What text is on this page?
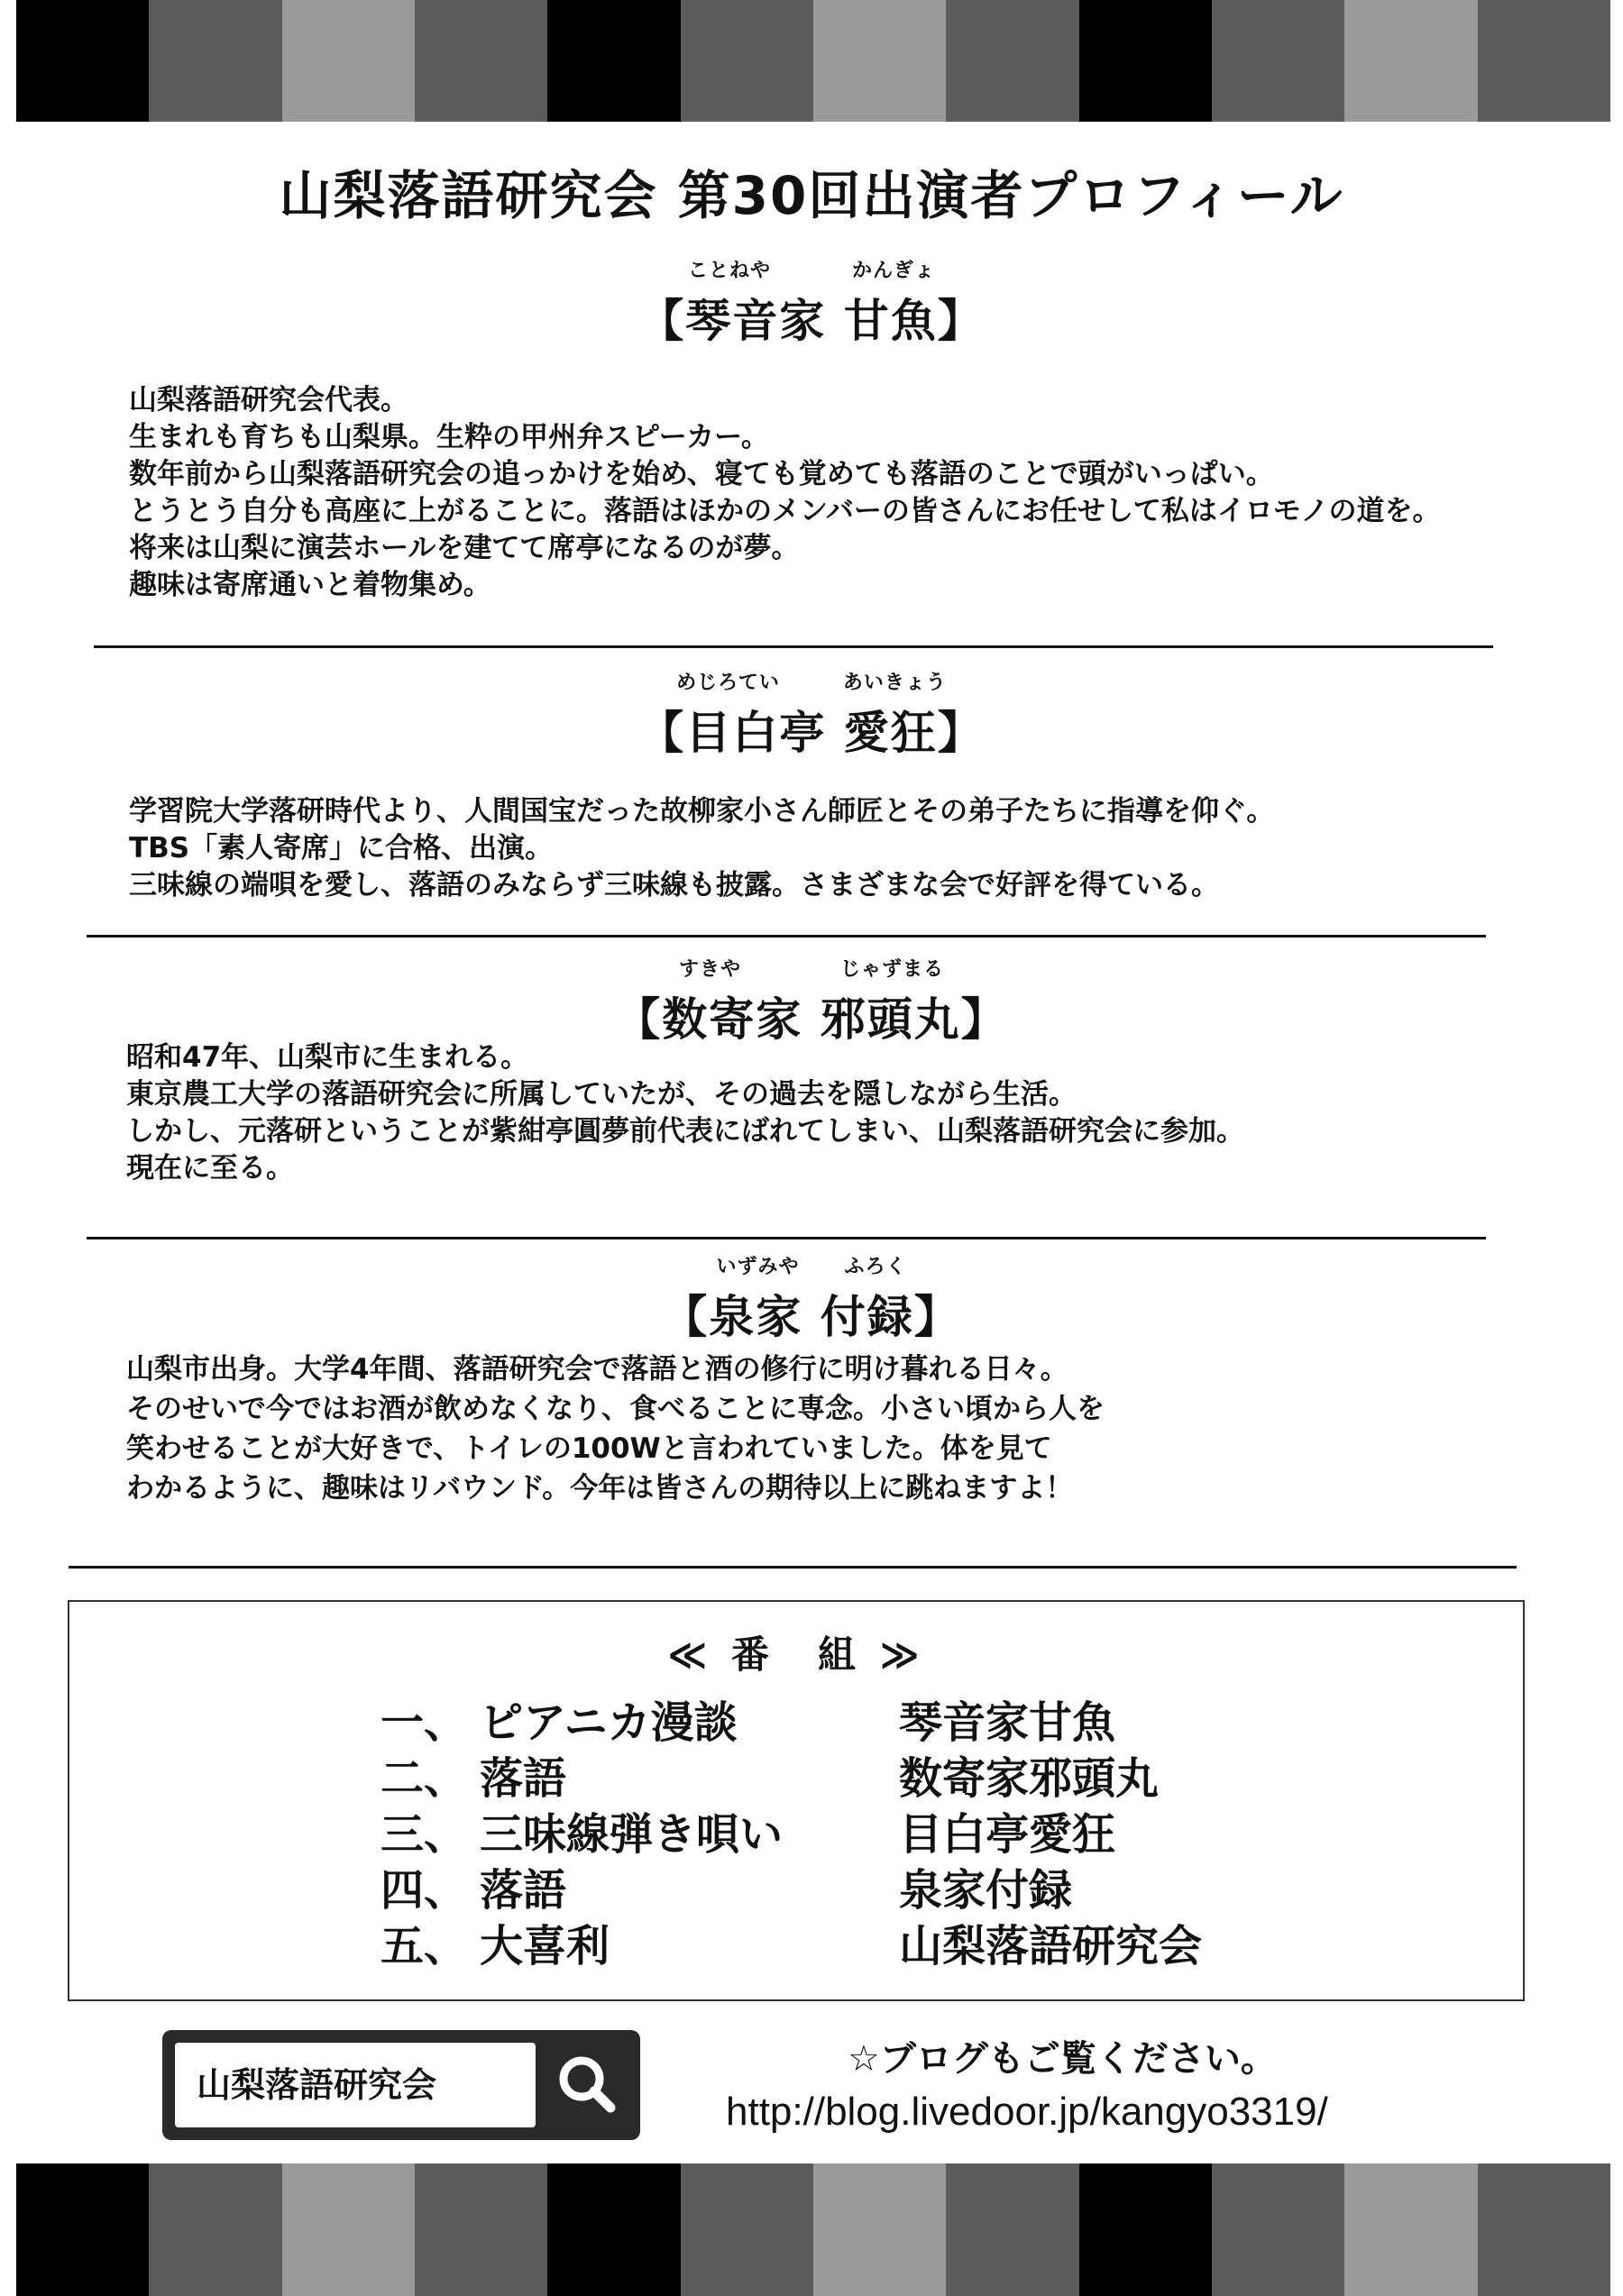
山梨落語研究会 第30回出演者プロフィール
ことねや	かんぎょ
【琴音家 甘魚】
山梨落語研究会代表。
生まれも育ちも山梨県。生粋の甲州弁スピーカー。
数年前から山梨落語研究会の追っかけを始め、寝ても覚めても落語のことで頭がいっぱい。
とうとう自分も高座に上がることに。落語はほかのメンバーの皆さんにお任せして私はイロモノの道を。
将来は山梨に演芸ホールを建てて席亭になるのが夢。
趣味は寄席通いと着物集め。
めじろてい	あいきょう
【目白亭 愛狂】
学習院大学落研時代より、人間国宝だった故柳家小さん師匠とその弟子たちに指導を仰ぐ。
TBS「素人寄席」に合格、出演。
三味線の端唄を愛し、落語のみならず三味線も披露。さまざまな会で好評を得ている。
すきや	じゃずまる
【数寄家 邪頭丸】
昭和47年、山梨市に生まれる。
東京農工大学の落語研究会に所属していたが、その過去を隠しながら生活。
しかし、元落研ということが紫紺亭圓夢前代表にばれてしまい、山梨落語研究会に参加。
現在に至る。
いずみや ふろく
【泉家 付録】
山梨市出身。大学4年間、落語研究会で落語と酒の修行に明け暮れる日々。
そのせいで今ではお酒が飲めなくなり、食べることに専念。小さい頃から人を
笑わせることが大好きで、トイレの100Wと言われていました。体を見て
わかるように、趣味はリバウンド。今年は皆さんの期待以上に跳ねますよ！
≪ 番　組 ≫
一、 ピアニカ漫談	琴音家甘魚
二、 落語	数寄家邪頭丸
三、 三味線弾き唄い	目白亭愛狂
四、 落語	泉家付録
五、 大喜利	山梨落語研究会
山梨落語研究会
☆ブログもご覧ください。
http://blog.livedoor.jp/kangyo3319/
